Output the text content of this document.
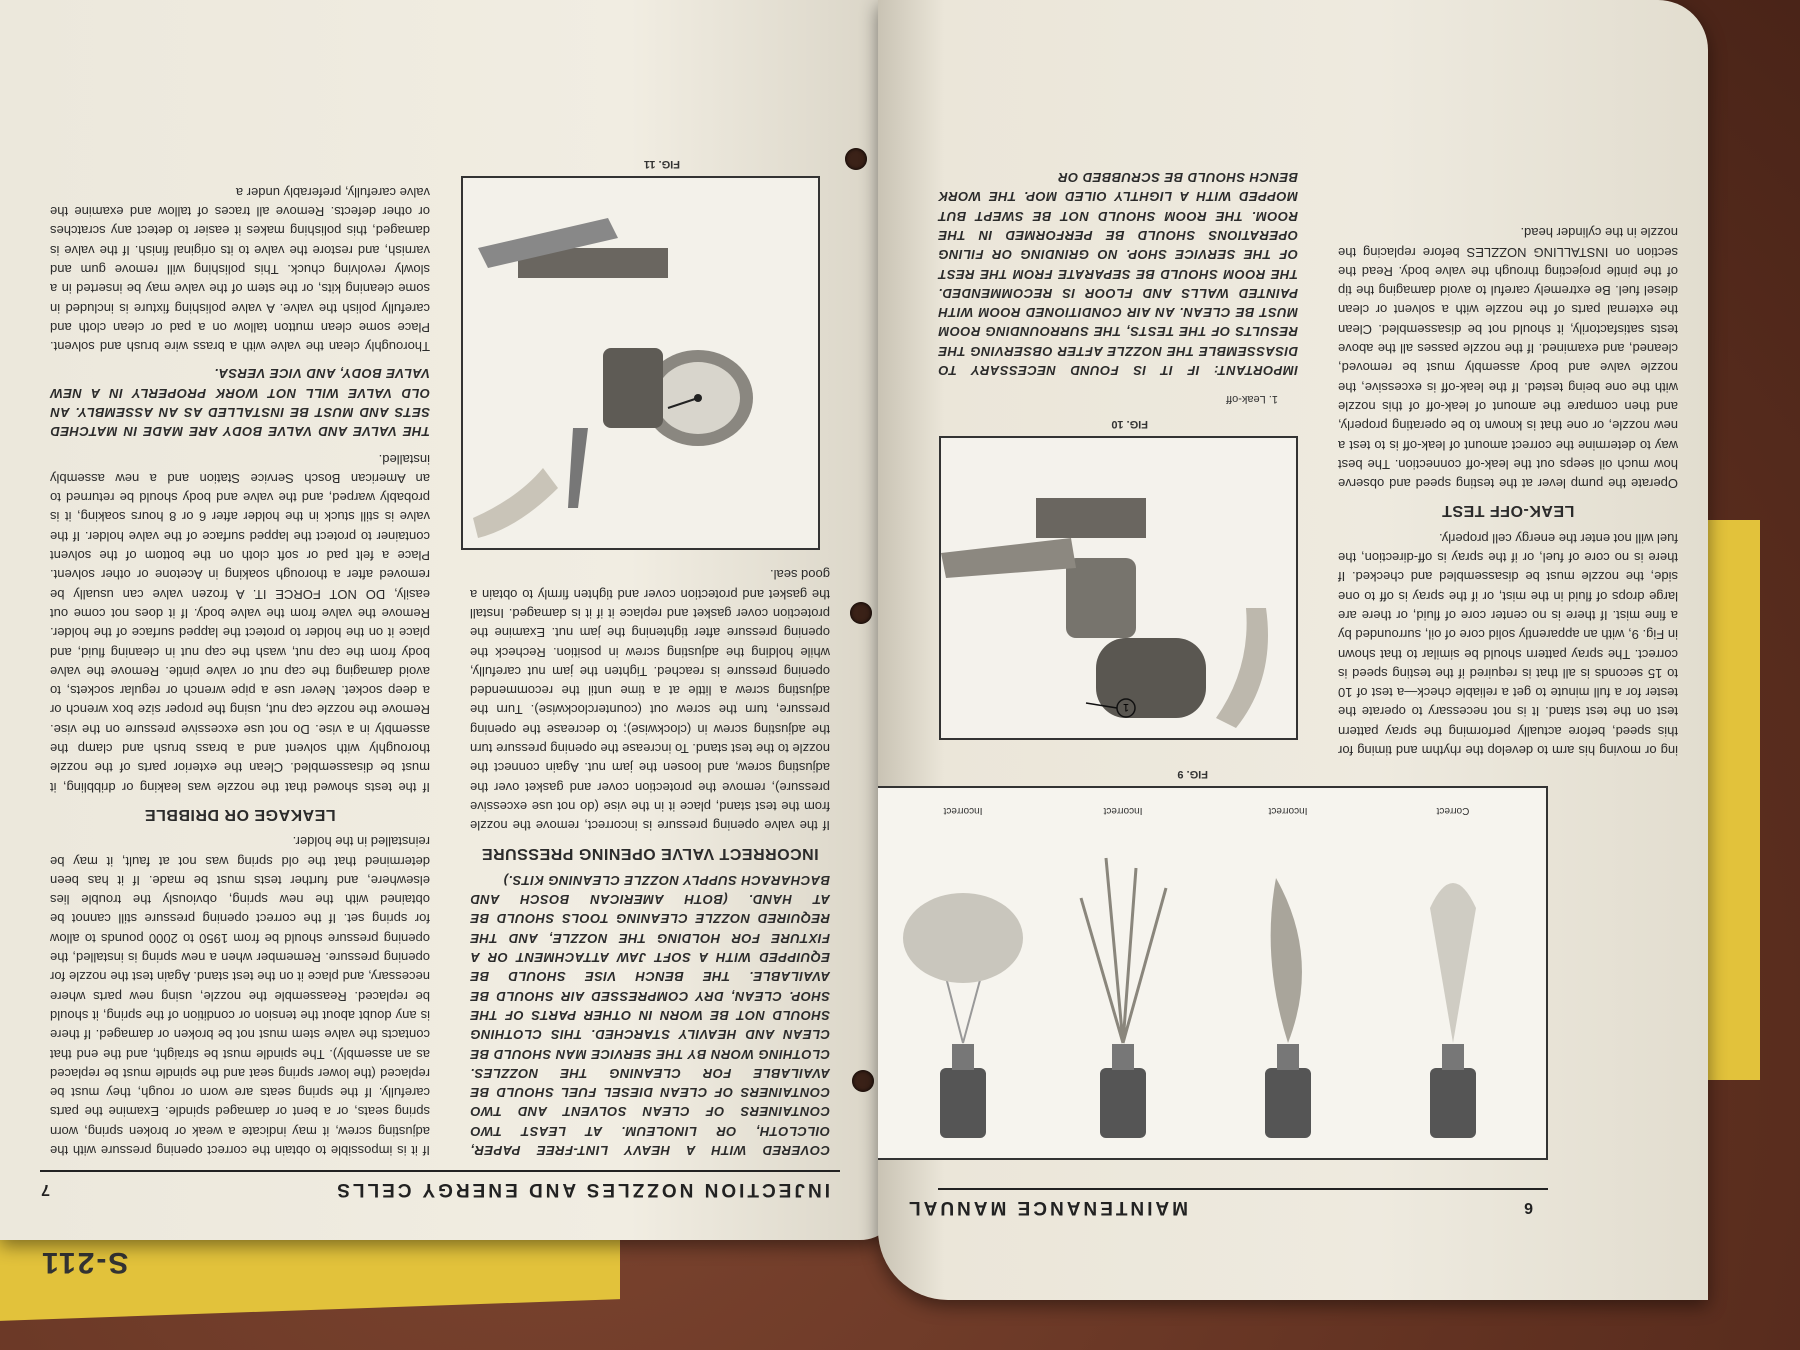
S-211
INJECTION NOZZLES AND ENERGY CELLS
7
COVERED WITH A HEAVY LINT-FREE PAPER, OILCLOTH, OR LINOLEUM. AT LEAST TWO CONTAINERS OF CLEAN SOLVENT AND TWO CONTAINERS OF CLEAN DIESEL FUEL SHOULD BE AVAILABLE FOR CLEANING THE NOZZLES. CLOTHING WORN BY THE SERVICE MAN SHOULD BE CLEAN AND HEAVILY STARCHED. THIS CLOTHING SHOULD NOT BE WORN IN OTHER PARTS OF THE SHOP. CLEAN, DRY COMPRESSED AIR SHOULD BE AVAILABLE. THE BENCH VISE SHOULD BE EQUIPPED WITH A SOFT JAW ATTACHMENT OR A FIXTURE FOR HOLDING THE NOZZLE, AND THE REQUIRED NOZZLE CLEANING TOOLS SHOULD BE AT HAND. (BOTH AMERICAN BOSCH AND BACHARACH SUPPLY NOZZLE CLEANING KITS.)
INCORRECT VALVE OPENING PRESSURE
If the valve opening pressure is incorrect, remove the nozzle from the test stand, place it in the vise (do not use excessive pressure), remove the protection cover and gasket over the adjusting screw, and loosen the jam nut. Again connect the nozzle to the test stand. To increase the opening pressure turn the adjusting screw in (clockwise); to decrease the opening pressure, turn the screw out (counterclockwise). Turn the adjusting screw a little at a time until the recommended opening pressure is reached. Tighten the jam nut carefully, while holding the adjusting screw in position. Recheck the opening pressure after tightening the jam nut. Examine the protection cover gasket and replace it if it is damaged. Install the gasket and protection cover and tighten firmly to obtain a good seal.
FIG. 11
If it is impossible to obtain the correct opening pressure with the adjusting screw, it may indicate a weak or broken spring, worn spring seats, or a bent or damaged spindle. Examine the parts carefully. If the spring seats are worn or rough, they must be replaced (the lower spring seat and the spindle must be replaced as an assembly). The spindle must be straight, and the end that contacts the valve stem must not be broken or damaged. If there is any doubt about the tension or condition of the spring, it should be replaced. Reassemble the nozzle, using new parts where necessary, and place it on the test stand. Again test the nozzle for opening pressure. Remember when a new spring is installed, the opening pressure should be from 1950 to 2000 pounds to allow for spring set. If the correct opening pressure still cannot be obtained with the new spring, obviously the trouble lies elsewhere, and further tests must be made. If it has been determined that the old spring was not at fault, it may be reinstalled in the holder.
LEAKAGE OR DRIBBLE
If the tests showed that the nozzle was leaking or dribbling, it must be disassembled. Clean the exterior parts of the nozzle thoroughly with solvent and a brass brush and clamp the assembly in a vise. Do not use excessive pressure on the vise. Remove the nozzle cap nut, using the proper size box wrench or a deep socket. Never use a pipe wrench or regular sockets, to avoid damaging the cap nut or valve pintle. Remove the valve body from the cap nut, wash the cap nut in cleaning fluid, and place it on the holder to protect the lapped surface of the holder. Remove the valve from the valve body. If it does not come out easily, DO NOT FORCE IT. A frozen valve can usually be removed after a thorough soaking in Acetone or other solvent. Place a felt pad or soft cloth on the bottom of the solvent container to protect the lapped surface of the valve holder. If the valve is still stuck in the holder after 6 or 8 hours soaking, it is probably warped, and the valve and body should be returned to an American Bosch Service Station and a new assembly installed.
THE VALVE AND VALVE BODY ARE MADE IN MATCHED SETS AND MUST BE INSTALLED AS AN ASSEMBLY. AN OLD VALVE WILL NOT WORK PROPERLY IN A NEW VALVE BODY, AND VICE VERSA.
Thoroughly clean the valve with a brass wire brush and solvent. Place some clean mutton tallow on a pad or clean cloth and carefully polish the valve. A valve polishing fixture is included in some cleaning kits, or the stem of the valve may be inserted in a slowly revolving chuck. This polishing will remove gum and varnish, and restore the valve to its original finish. If the valve is damaged, this polishing makes it easier to detect any scratches or other defects. Remove all traces of tallow and examine the valve carefully, preferably under a
MAINTENANCE MANUAL	6
Incorrect	Incorrect	Incorrect	Correct
FIG. 9
1
FIG. 10
1. Leak-off
IMPORTANT: IF IT IS FOUND NECESSARY TO DISASSEMBLE THE NOZZLE AFTER OBSERVING THE RESULTS OF THE TESTS, THE SURROUNDING ROOM MUST BE CLEAN. AN AIR CONDITIONED ROOM WITH PAINTED WALLS AND FLOOR IS RECOMMENDED. THE ROOM SHOULD BE SEPARATE FROM THE REST OF THE SERVICE SHOP. NO GRINDING OR FILING OPERATIONS SHOULD BE PERFORMED IN THE ROOM. THE ROOM SHOULD NOT BE SWEPT BUT MOPPED WITH A LIGHTLY OILED MOP. THE WORK BENCH SHOULD BE SCRUBBED OR
ing or moving his arm to develop the rhythm and timing for this speed, before actually performing the spray pattern test on the test stand. It is not necessary to operate the tester for a full minute to get a reliable check—a test of 10 to 15 seconds is all that is required if the testing speed is correct. The spray pattern should be similar to that shown in Fig. 9, with an apparently solid core of oil, surrounded by a fine mist. If there is no center core of fluid, or there are large drops of fluid in the mist, or if the spray is off to one side, the nozzle must be disassembled and checked. If there is no core of fuel, or if the spray is off-direction, the fuel will not enter the energy cell properly.
LEAK-OFF TEST
Operate the pump lever at the testing speed and observe how much oil seeps out the leak-off connection. The best way to determine the correct amount of leak-off is to test a new nozzle, or one that is known to be operating properly, and then compare the amount of leak-off of this nozzle with the one being tested. If the leak-off is excessive, the nozzle valve and body assembly must be removed, cleaned, and examined. If the nozzle passes all the above tests satisfactorily, it should not be disassembled. Clean the external parts of the nozzle with a solvent or clean diesel fuel. Be extremely careful to avoid damaging the tip of the pintle projecting through the valve body. Read the section on INSTALLING NOZZLES before replacing the nozzle in the cylinder head.
